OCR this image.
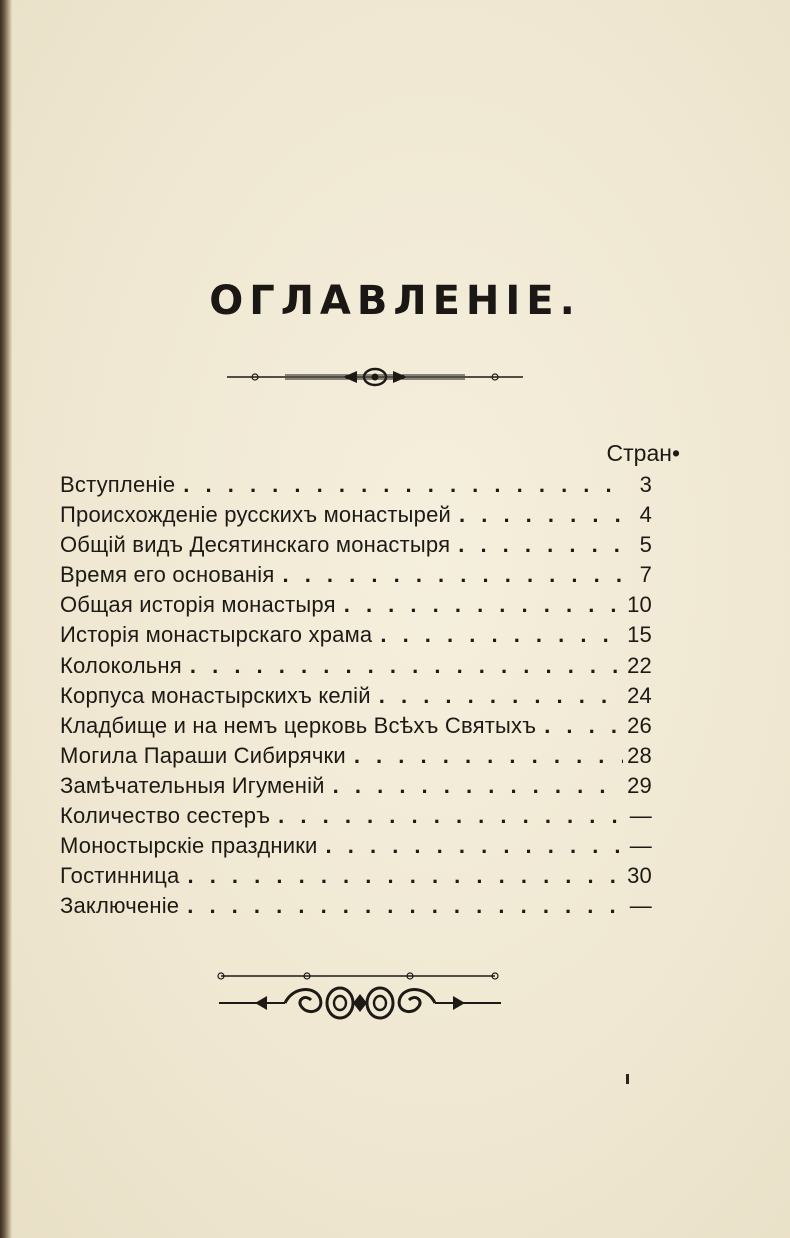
ОГЛАВЛЕНIЕ.
Стран•
Вступленіе . . .	3
Происхожденіе русскихъ монастырей . . .	4
Общій видъ Десятинскаго монастыря . . .	5
Время его основанія . . .	7
Общая исторія монастыря . . .	10
Исторія монастырскаго храма . . .	15
Колокольня . . .	22
Корпуса монастырскихъ келій . . .	24
Кладбище и на немъ церковь Всѣхъ Святыхъ . . .	26
Могила Параши Сибирячки . . .	28
Замѣчательныя Игуменій . . .	29
Количество сестеръ . . .	—
Моностырскіе праздники . . .	—
Гостинница . . .	30
Заключеніе . . .	—
